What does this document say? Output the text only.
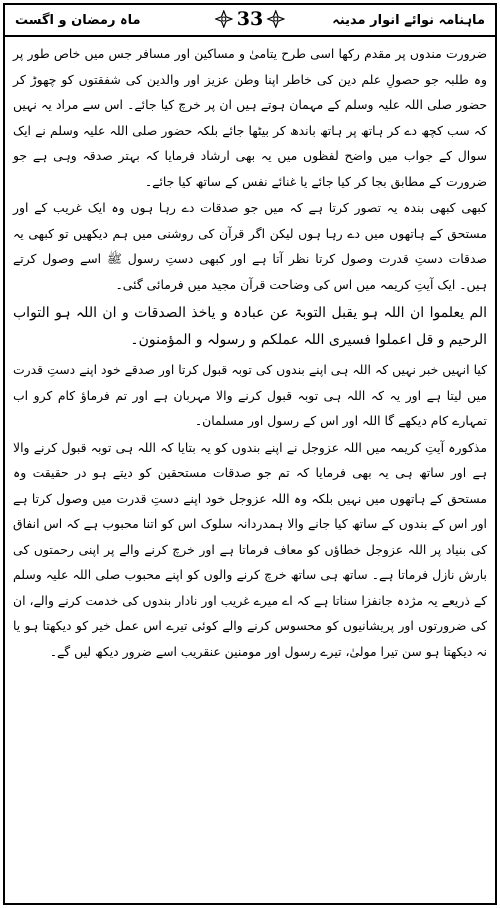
ماہنامہ نوائے انوار مدینہ
33
ماہ رمضان و اگست

ضرورت مندوں پر مقدم رکھا اسی طرح یتامیٰ و مساکین اور مسافر جس میں خاص طور پر وہ طلبہ جو حصولِ علم دین کی خاطر اپنا وطن عزیز اور والدین کی شفقتوں کو چھوڑ کر حضور صلی اللہ علیہ وسلم کے مہمان ہوتے ہیں ان پر خرچ کیا جائے۔ اس سے مراد یہ نہیں کہ سب کچھ دے کر ہاتھ پر ہاتھ باندھ کر بیٹھا جائے بلکہ حضور صلی اللہ علیہ وسلم نے ایک سوال کے جواب میں واضح لفظوں میں یہ بھی ارشاد فرمایا کہ بہتر صدقہ وہی ہے جو ضرورت کے مطابق بجا کر کیا جائے یا غنائے نفس کے ساتھ کیا جائے۔

کبھی کبھی بندہ یہ تصور کرتا ہے کہ میں جو صدقات دے رہا ہوں وہ ایک غریب کے اور مستحق کے ہاتھوں میں دے رہا ہوں لیکن اگر قرآن کی روشنی میں ہم دیکھیں تو کبھی یہ صدقات دستِ قدرت وصول کرتا نظر آتا ہے اور کبھی دستِ رسول ﷺ اسے وصول کرتے ہیں۔ ایک آیتِ کریمہ میں اس کی وضاحت قرآن مجید میں فرمائی گئی۔

الم یعلموا ان اللہ ہو یقبل التوبۃ عن عبادہ و یاخذ الصدقات و ان اللہ ہو التواب الرحیم و قل اعملوا فسیری اللہ عملکم و رسولہ و المؤمنون۔

کیا انہیں خبر نہیں کہ اللہ ہی اپنے بندوں کی توبہ قبول کرتا اور صدقے خود اپنے دستِ قدرت میں لیتا ہے اور یہ کہ اللہ ہی توبہ قبول کرنے والا مہربان ہے اور تم فرماؤ کام کرو اب تمہارے کام دیکھے گا اللہ اور اس کے رسول اور مسلمان۔

مذکورہ آیتِ کریمہ میں اللہ عزوجل نے اپنے بندوں کو یہ بتایا کہ اللہ ہی توبہ قبول کرنے والا ہے اور ساتھ ہی یہ بھی فرمایا کہ تم جو صدقات مستحقین کو دیتے ہو در حقیقت وہ مستحق کے ہاتھوں میں نہیں بلکہ وہ اللہ عزوجل خود اپنے دستِ قدرت میں وصول کرتا ہے اور اس کے بندوں کے ساتھ کیا جانے والا ہمدردانہ سلوک اس کو اتنا محبوب ہے کہ اس انفاق کی بنیاد پر اللہ عزوجل خطاؤں کو معاف فرماتا ہے اور خرچ کرنے والے پر اپنی رحمتوں کی بارش نازل فرماتا ہے۔ ساتھ ہی ساتھ خرچ کرنے والوں کو اپنے محبوب صلی اللہ علیہ وسلم کے ذریعے یہ مژدہ جانفزا سناتا ہے کہ اے میرے غریب اور نادار بندوں کی خدمت کرنے والے، ان کی ضرورتوں اور پریشانیوں کو محسوس کرنے والے کوئی تیرے اس عمل خیر کو دیکھتا ہو یا نہ دیکھتا ہو سن تیرا مولیٰ، تیرے رسول اور مومنین عنقریب اسے ضرور دیکھ لیں گے۔
